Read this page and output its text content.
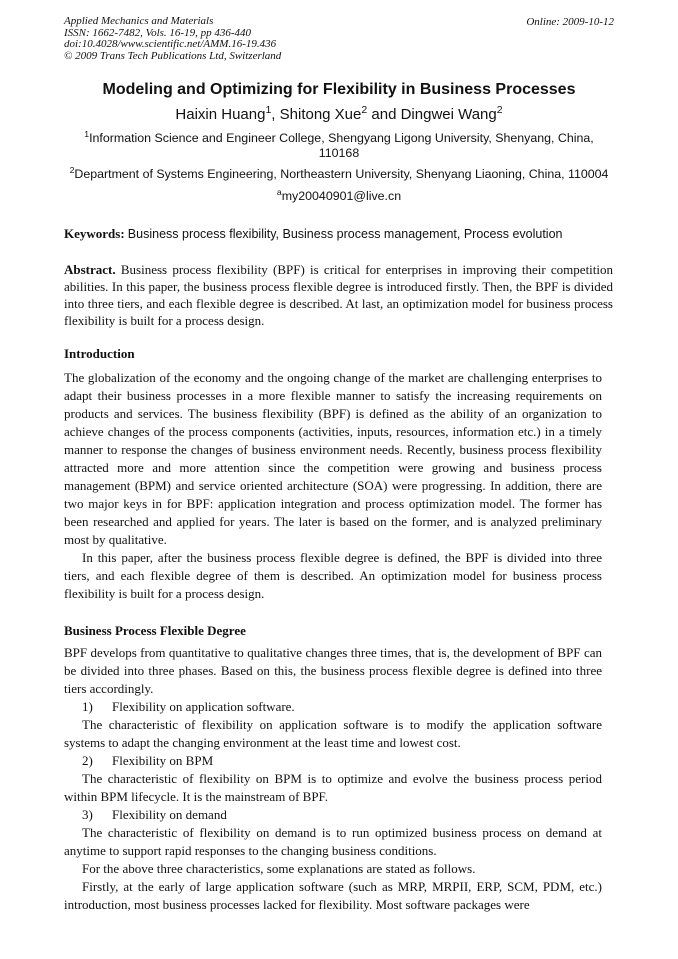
Applied Mechanics and Materials
ISSN: 1662-7482, Vols. 16-19, pp 436-440
doi:10.4028/www.scientific.net/AMM.16-19.436
© 2009 Trans Tech Publications Ltd, Switzerland
Online: 2009-10-12
Modeling and Optimizing for Flexibility in Business Processes
Haixin Huang$^1$, Shitong Xue$^2$ and Dingwei Wang$^2$
$^1$Information Science and Engineer College, Shengyang Ligong University, Shenyang, China, 110168
$^2$Department of Systems Engineering, Northeastern University, Shenyang Liaoning, China, 110004
$^a$my20040901@live.cn
Keywords: Business process flexibility, Business process management, Process evolution
Abstract. Business process flexibility (BPF) is critical for enterprises in improving their competition abilities. In this paper, the business process flexible degree is introduced firstly. Then, the BPF is divided into three tiers, and each flexible degree is described. At last, an optimization model for business process flexibility is built for a process design.
Introduction
The globalization of the economy and the ongoing change of the market are challenging enterprises to adapt their business processes in a more flexible manner to satisfy the increasing requirements on products and services. The business flexibility (BPF) is defined as the ability of an organization to achieve changes of the process components (activities, inputs, resources, information etc.) in a timely manner to response the changes of business environment needs. Recently, business process flexibility attracted more and more attention since the competition were growing and business process management (BPM) and service oriented architecture (SOA) were progressing. In addition, there are two major keys in for BPF: application integration and process optimization model. The former has been researched and applied for years. The later is based on the former, and is analyzed preliminary most by qualitative.
In this paper, after the business process flexible degree is defined, the BPF is divided into three tiers, and each flexible degree of them is described. An optimization model for business process flexibility is built for a process design.
Business Process Flexible Degree
BPF develops from quantitative to qualitative changes three times, that is, the development of BPF can be divided into three phases. Based on this, the business process flexible degree is defined into three tiers accordingly.
1) Flexibility on application software.
The characteristic of flexibility on application software is to modify the application software systems to adapt the changing environment at the least time and lowest cost.
2) Flexibility on BPM
The characteristic of flexibility on BPM is to optimize and evolve the business process period within BPM lifecycle. It is the mainstream of BPF.
3) Flexibility on demand
The characteristic of flexibility on demand is to run optimized business process on demand at anytime to support rapid responses to the changing business conditions.
For the above three characteristics, some explanations are stated as follows.
Firstly, at the early of large application software (such as MRP, MRPII, ERP, SCM, PDM, etc.) introduction, most business processes lacked for flexibility. Most software packages were
